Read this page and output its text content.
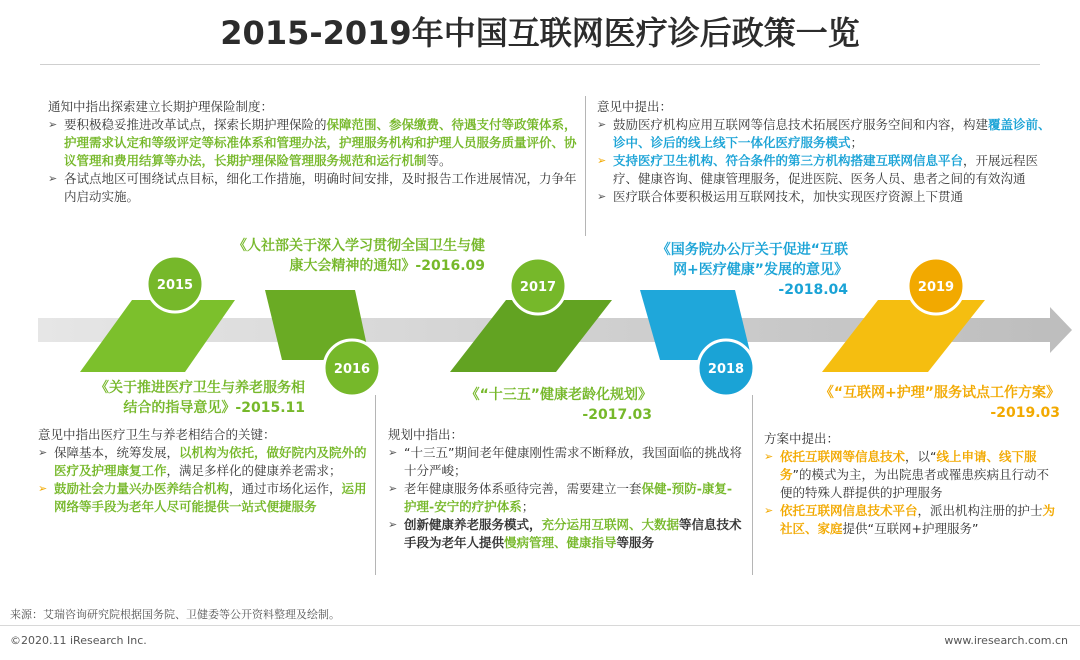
2015-2019年中国互联网医疗诊后政策一览
2015
2016
2017
2018
2019

通知中指出探索建立长期护理保险制度：

➢ 要积极稳妥推进改革试点，探索长期护理保险的保障范围、参保缴费、待遇支付等政策体系，护理需求认定和等级评定等标准体系和管理办法，护理服务机构和护理人员服务质量评价、协议管理和费用结算等办法，长期护理保险管理服务规范和运行机制等。
➢ 各试点地区可围绕试点目标，细化工作措施，明确时间安排，及时报告工作进展情况，力争年内启动实施。
《人社部关于深入学习贯彻全国卫生与健
康大会精神的通知》-2016.09

意见中提出：

➢ 鼓励医疗机构应用互联网等信息技术拓展医疗服务空间和内容，构建覆盖诊前、诊中、诊后的线上线下一体化医疗服务模式；
➢ 支持医疗卫生机构、符合条件的第三方机构搭建互联网信息平台，开展远程医疗、健康咨询、健康管理服务，促进医院、医务人员、患者之间的有效沟通
➢ 医疗联合体要积极运用互联网技术，加快实现医疗资源上下贯通
《国务院办公厅关于促进“互联
网+医疗健康”发展的意见》
-2018.04
《关于推进医疗卫生与养老服务相
结合的指导意见》-2015.11

意见中指出医疗卫生与养老相结合的关键：

➢ 保障基本，统筹发展，以机构为依托，做好院内及院外的医疗及护理康复工作，满足多样化的健康养老需求；
➢ 鼓励社会力量兴办医养结合机构，通过市场化运作，运用网络等手段为老年人尽可能提供一站式便捷服务
《“十三五”健康老龄化规划》
-2017.03

规划中指出：

➢ “十三五”期间老年健康刚性需求不断释放，我国面临的挑战将十分严峻；
➢ 老年健康服务体系亟待完善，需要建立一套保健-预防-康复-护理-安宁的疗护体系；
➢ 创新健康养老服务模式，充分运用互联网、大数据等信息技术手段为老年人提供慢病管理、健康指导等服务
《“互联网+护理”服务试点工作方案》
-2019.03

方案中提出：

➢ 依托互联网等信息技术，以“线上申请、线下服务”的模式为主，为出院患者或罹患疾病且行动不便的特殊人群提供的护理服务
➢ 依托互联网信息技术平台，派出机构注册的护士为社区、家庭提供“互联网+护理服务”
来源：艾瑞咨询研究院根据国务院、卫健委等公开资料整理及绘制。
©2020.11 iResearch Inc.	www.iresearch.com.cn
